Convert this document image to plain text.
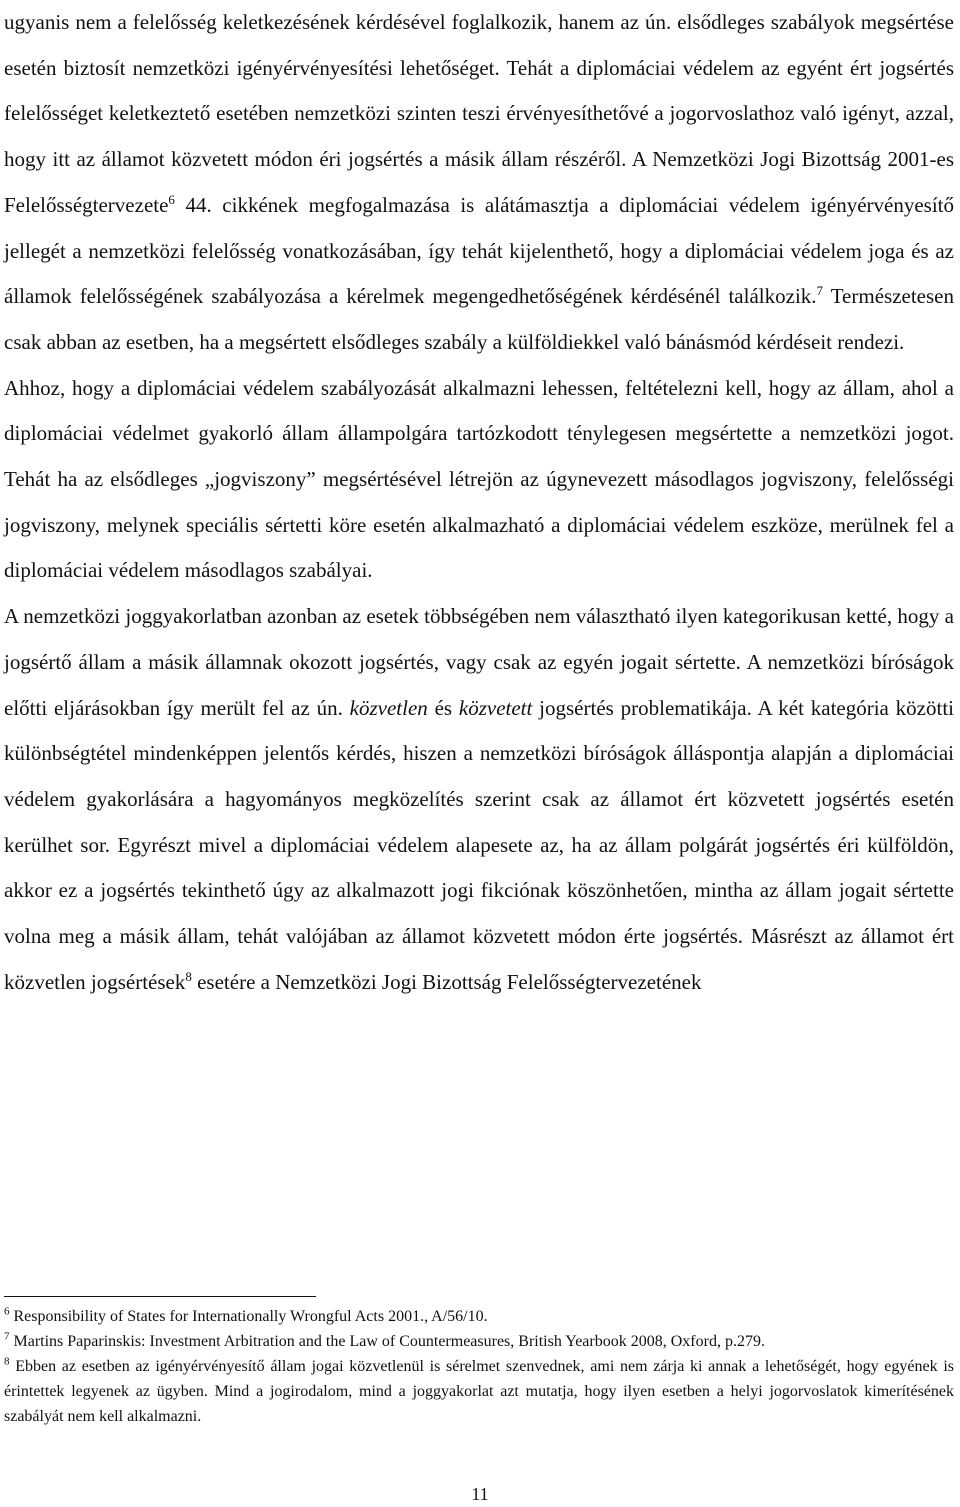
ugyanis nem a felelősség keletkezésének kérdésével foglalkozik, hanem az ún. elsődleges szabályok megsértése esetén biztosít nemzetközi igényérvényesítési lehetőséget. Tehát a diplomáciai védelem az egyént ért jogsértés felelősséget keletkeztető esetében nemzetközi szinten teszi érvényesíthetővé a jogorvoslathoz való igényt, azzal, hogy itt az államot közvetett módon éri jogsértés a másik állam részéről. A Nemzetközi Jogi Bizottság 2001-es Felelősségtervezete$^6$ 44. cikkének megfogalmazása is alátámasztja a diplomáciai védelem igényérvényesítő jellegét a nemzetközi felelősség vonatkozásában, így tehát kijelenthető, hogy a diplomáciai védelem joga és az államok felelősségének szabályozása a kérelmek megengedhetőségének kérdésénél találkozik.$^7$ Természetesen csak abban az esetben, ha a megsértett elsődleges szabály a külföldiekkel való bánásmód kérdéseit rendezi.

Ahhoz, hogy a diplomáciai védelem szabályozását alkalmazni lehessen, feltételezni kell, hogy az állam, ahol a diplomáciai védelmet gyakorló állam állampolgára tartózkodott ténylegesen megsértette a nemzetközi jogot. Tehát ha az elsődleges „jogviszony” megsértésével létrejön az úgynevezett másodlagos jogviszony, felelősségi jogviszony, melynek speciális sértetti köre esetén alkalmazható a diplomáciai védelem eszköze, merülnek fel a diplomáciai védelem másodlagos szabályai.

A nemzetközi joggyakorlatban azonban az esetek többségében nem választható ilyen kategorikusan ketté, hogy a jogsértő állam a másik államnak okozott jogsértés, vagy csak az egyén jogait sértette. A nemzetközi bíróságok előtti eljárásokban így merült fel az ún. közvetlen és közvetett jogsértés problematikája. A két kategória közötti különbségtétel mindenképpen jelentős kérdés, hiszen a nemzetközi bíróságok álláspontja alapján a diplomáciai védelem gyakorlására a hagyományos megközelítés szerint csak az államot ért közvetett jogsértés esetén kerülhet sor. Egyrészt mivel a diplomáciai védelem alapesete az, ha az állam polgárát jogsértés éri külföldön, akkor ez a jogsértés tekinthető úgy az alkalmazott jogi fikciónak köszönhetően, mintha az állam jogait sértette volna meg a másik állam, tehát valójában az államot közvetett módon érte jogsértés. Másrészt az államot ért közvetlen jogsértések$^8$ esetére a Nemzetközi Jogi Bizottság Felelősségtervezetének

$^6$ Responsibility of States for Internationally Wrongful Acts 2001., A/56/10.

$^7$ Martins Paparinskis: Investment Arbitration and the Law of Countermeasures, British Yearbook 2008, Oxford, p.279.

$^8$ Ebben az esetben az igényérvényesítő állam jogai közvetlenül is sérelmet szenvednek, ami nem zárja ki annak a lehetőségét, hogy egyének is érintettek legyenek az ügyben. Mind a jogirodalom, mind a joggyakorlat azt mutatja, hogy ilyen esetben a helyi jogorvoslatok kimerítésének szabályát nem kell alkalmazni.

11
